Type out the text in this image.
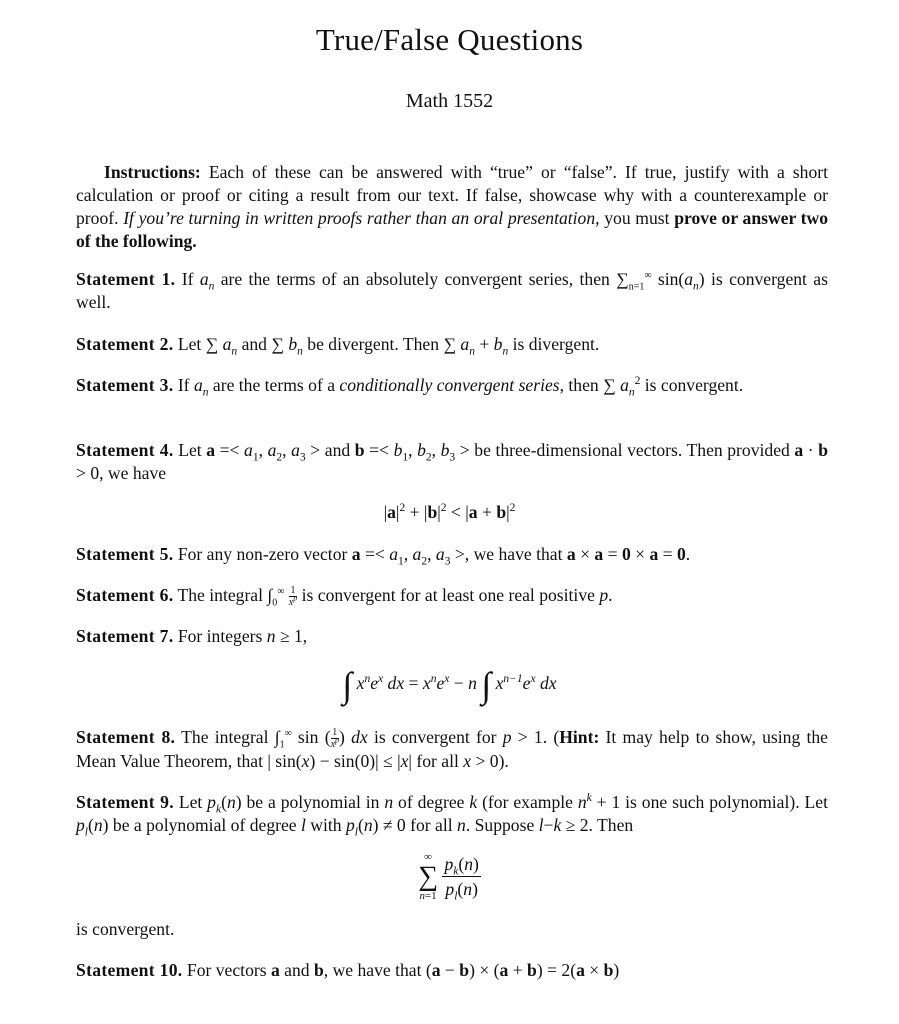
True/False Questions
Math 1552
Instructions: Each of these can be answered with “true” or “false”. If true, justify with a short calculation or proof or citing a result from our text. If false, showcase why with a counterexample or proof. If you’re turning in written proofs rather than an oral presentation, you must prove or answer two of the following.
Statement 1. If $a_n$ are the terms of an absolutely convergent series, then $\sum_{n=1}^\infty$ $\sin(a_n)$ is convergent as well.
Statement 2. Let ∑ $a_n$ and ∑ $b_n$ be divergent. Then ∑ $a_n + b_n$ is divergent.
Statement 3. If $a_n$ are the terms of a conditionally convergent series, then ∑ $a_n^2$ is convergent.
Statement 4. Let $a =< a_1$, $a_2$, $a_3$ > and $b =< b_1$, $b_2$, $b_3$ > be three-dimensional vectors. Then provided a · b > 0, we have
$|a|^2 + |b|^2 < |a + b|^2$
Statement 5. For any non-zero vector $a =< a_1$, $a_2$, $a_3$ >, we have that a × a = 0 × a = 0.
Statement 6. The integral $\int_0^\infty \frac{1}{x^p}$ is convergent for at least one real positive p.
Statement 7. For integers n ≥ 1,
∫ $x^ne^x$ dx = $x^ne^x - n$ ∫ $x^{n-1}e^x$ dx
Statement 8. The integral $\int_1^\infty$ sin ( $\frac{1}{x^p}$) dx is convergent for p > 1. (Hint: It may help to show, using the Mean Value Theorem, that | sin(x) − sin(0)| ≤ |x| for all x > 0).
Statement 9. Let $p_k(n)$ be a polynomial in n of degree k (for example $n^k + 1$ is one such polynomial). Let $p_l(n)$ be a polynomial of degree l with $p_l(n) \ne 0$ for all n. Suppose l−k ≥ 2. Then
∞
∑
n=1
$\frac{p_k(n)}{p_l(n)}$
is convergent.
Statement 10. For vectors a and b, we have that (a − b) × (a + b) = 2(a × b)
